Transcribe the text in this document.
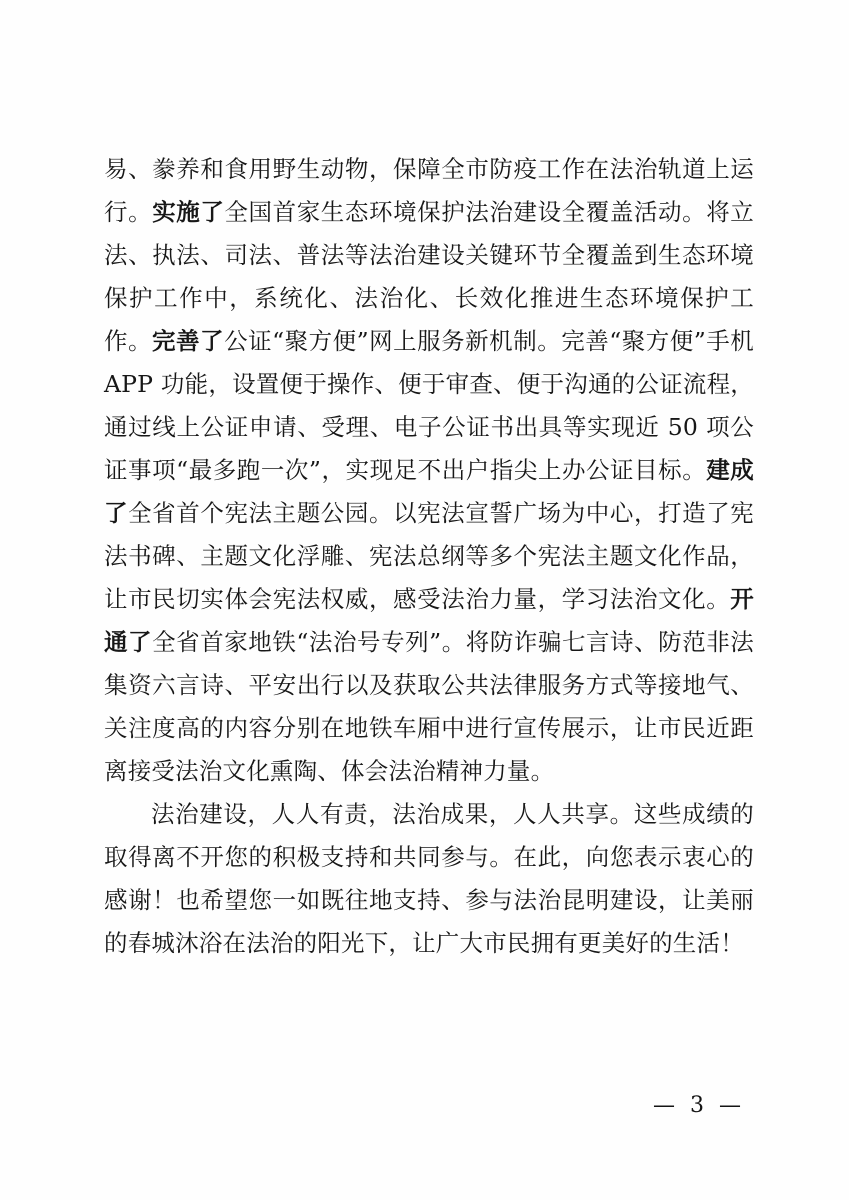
易、豢养和食用野生动物，保障全市防疫工作在法治轨道上运行。实施了全国首家生态环境保护法治建设全覆盖活动。将立法、执法、司法、普法等法治建设关键环节全覆盖到生态环境保护工作中，系统化、法治化、长效化推进生态环境保护工作。完善了公证“聚方便”网上服务新机制。完善“聚方便”手机 APP 功能，设置便于操作、便于审查、便于沟通的公证流程，通过线上公证申请、受理、电子公证书出具等实现近 50 项公证事项“最多跑一次”，实现足不出户指尖上办公证目标。建成了全省首个宪法主题公园。以宪法宣誓广场为中心，打造了宪法书碑、主题文化浮雕、宪法总纲等多个宪法主题文化作品，让市民切实体会宪法权威，感受法治力量，学习法治文化。开通了全省首家地铁“法治号专列”。将防诈骗七言诗、防范非法集资六言诗、平安出行以及获取公共法律服务方式等接地气、关注度高的内容分别在地铁车厢中进行宣传展示，让市民近距离接受法治文化熏陶、体会法治精神力量。

法治建设，人人有责，法治成果，人人共享。这些成绩的取得离不开您的积极支持和共同参与。在此，向您表示衷心的感谢！也希望您一如既往地支持、参与法治昆明建设，让美丽的春城沐浴在法治的阳光下，让广大市民拥有更美好的生活！

— 3 —
